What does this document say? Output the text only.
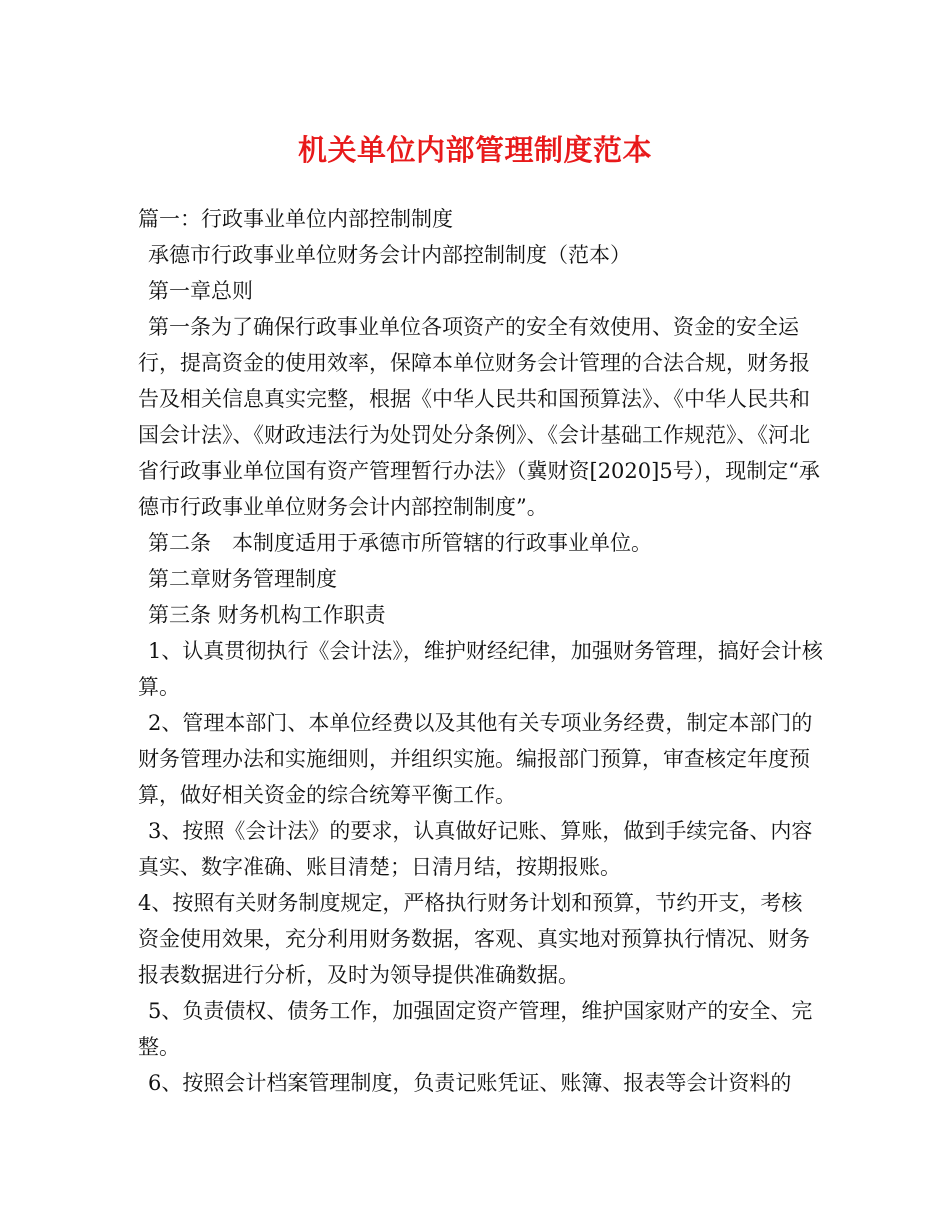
机关单位内部管理制度范本

篇一：行政事业单位内部控制制度

承德市行政事业单位财务会计内部控制制度（范本）

第一章总则

第一条为了确保行政事业单位各项资产的安全有效使用、资金的安全运行，提高资金的使用效率，保障本单位财务会计管理的合法合规，财务报告及相关信息真实完整，根据《中华人民共和国预算法》、《中华人民共和国会计法》、《财政违法行为处罚处分条例》、《会计基础工作规范》、《河北省行政事业单位国有资产管理暂行办法》（冀财资[2020]5号），现制定“承德市行政事业单位财务会计内部控制制度”。

第二条　本制度适用于承德市所管辖的行政事业单位。

第二章财务管理制度

第三条 财务机构工作职责

1、认真贯彻执行《会计法》，维护财经纪律，加强财务管理，搞好会计核算。

2、管理本部门、本单位经费以及其他有关专项业务经费，制定本部门的财务管理办法和实施细则，并组织实施。编报部门预算，审查核定年度预算，做好相关资金的综合统筹平衡工作。

3、按照《会计法》的要求，认真做好记账、算账，做到手续完备、内容真实、数字准确、账目清楚；日清月结，按期报账。

4、按照有关财务制度规定，严格执行财务计划和预算，节约开支，考核资金使用效果，充分利用财务数据，客观、真实地对预算执行情况、财务报表数据进行分析，及时为领导提供准确数据。

5、负责债权、债务工作，加强固定资产管理，维护国家财产的安全、完整。

6、按照会计档案管理制度，负责记账凭证、账簿、报表等会计资料的
